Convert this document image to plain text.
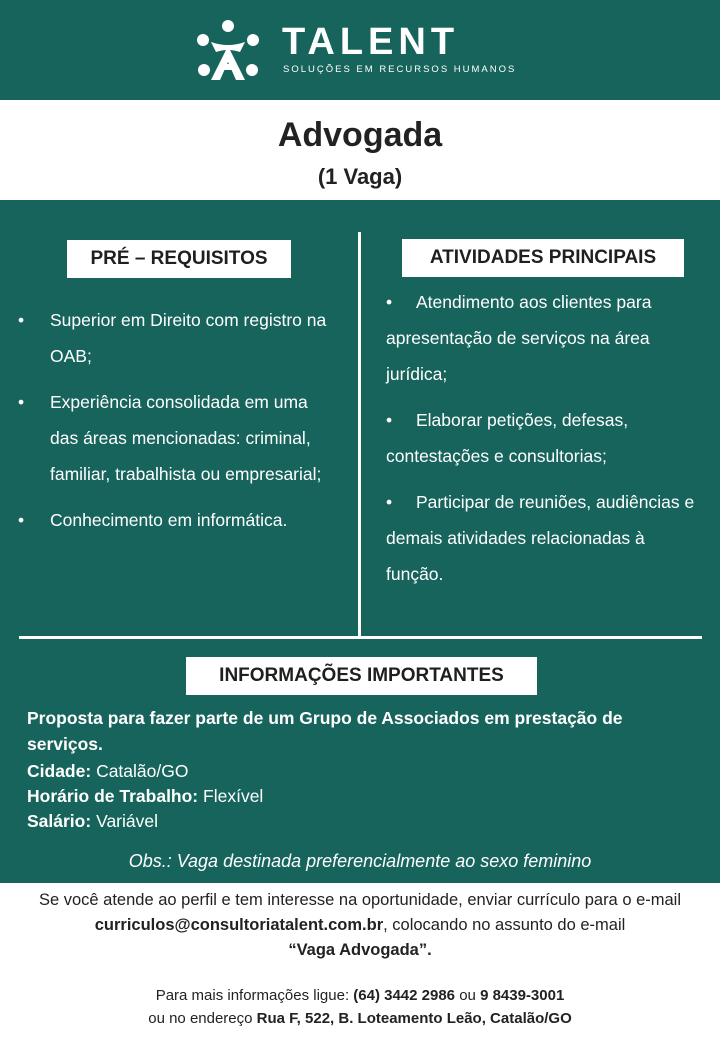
TALENT
SOLUÇÕES EM RECURSOS HUMANOS
Advogada
(1 Vaga)
PRÉ – REQUISITOS	ATIVIDADES PRINCIPAIS
• Superior em Direito com registro na OAB;
• Experiência consolidada em uma das áreas mencionadas: criminal, familiar, trabalhista ou empresarial;
• Conhecimento em informática.
• Atendimento aos clientes para apresentação de serviços na área jurídica;
• Elaborar petições, defesas, contestações e consultorias;
• Participar de reuniões, audiências e demais atividades relacionadas à função.
INFORMAÇÕES IMPORTANTES

Proposta para fazer parte de um Grupo de Associados em prestação de serviços.

Cidade: Catalão/GO

Horário de Trabalho: Flexível

Salário: Variável

Obs.: Vaga destinada preferencialmente ao sexo feminino

Se você atende ao perfil e tem interesse na oportunidade, enviar currículo para o e-mail curriculos@consultoriatalent.com.br, colocando no assunto do e-mail
“Vaga Advogada”.

Para mais informações ligue: (64) 3442 2986 ou 9 8439-3001
ou no endereço Rua F, 522, B. Loteamento Leão, Catalão/GO
